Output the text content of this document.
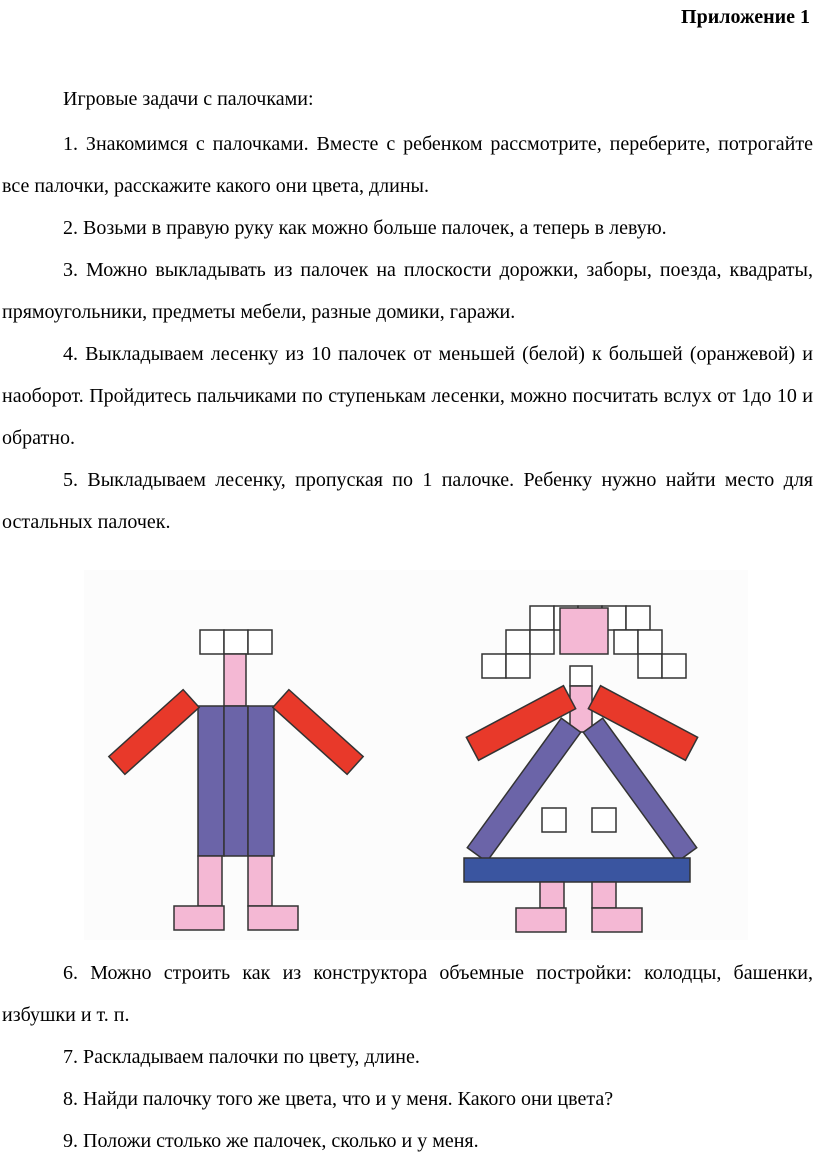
Приложение 1
Игровые задачи с палочками:

1. Знакомимся с палочками. Вместе с ребенком рассмотрите, переберите, потрогайте все палочки, расскажите какого они цвета, длины.

2. Возьми в правую руку как можно больше палочек, а теперь в левую.

3. Можно выкладывать из палочек на плоскости дорожки, заборы, поезда, квадраты, прямоугольники, предметы мебели, разные домики, гаражи.

4. Выкладываем лесенку из 10 палочек от меньшей (белой) к большей (оранжевой) и наоборот. Пройдитесь пальчиками по ступенькам лесенки, можно посчитать вслух от 1до 10 и обратно.

5. Выкладываем лесенку, пропуская по 1 палочке. Ребенку нужно найти место для остальных палочек.

6. Можно строить как из конструктора объемные постройки: колодцы, башенки, избушки и т. п.

7. Раскладываем палочки по цвету, длине.

8. Найди палочку того же цвета, что и у меня. Какого они цвета?

9. Положи столько же палочек, сколько и у меня.
